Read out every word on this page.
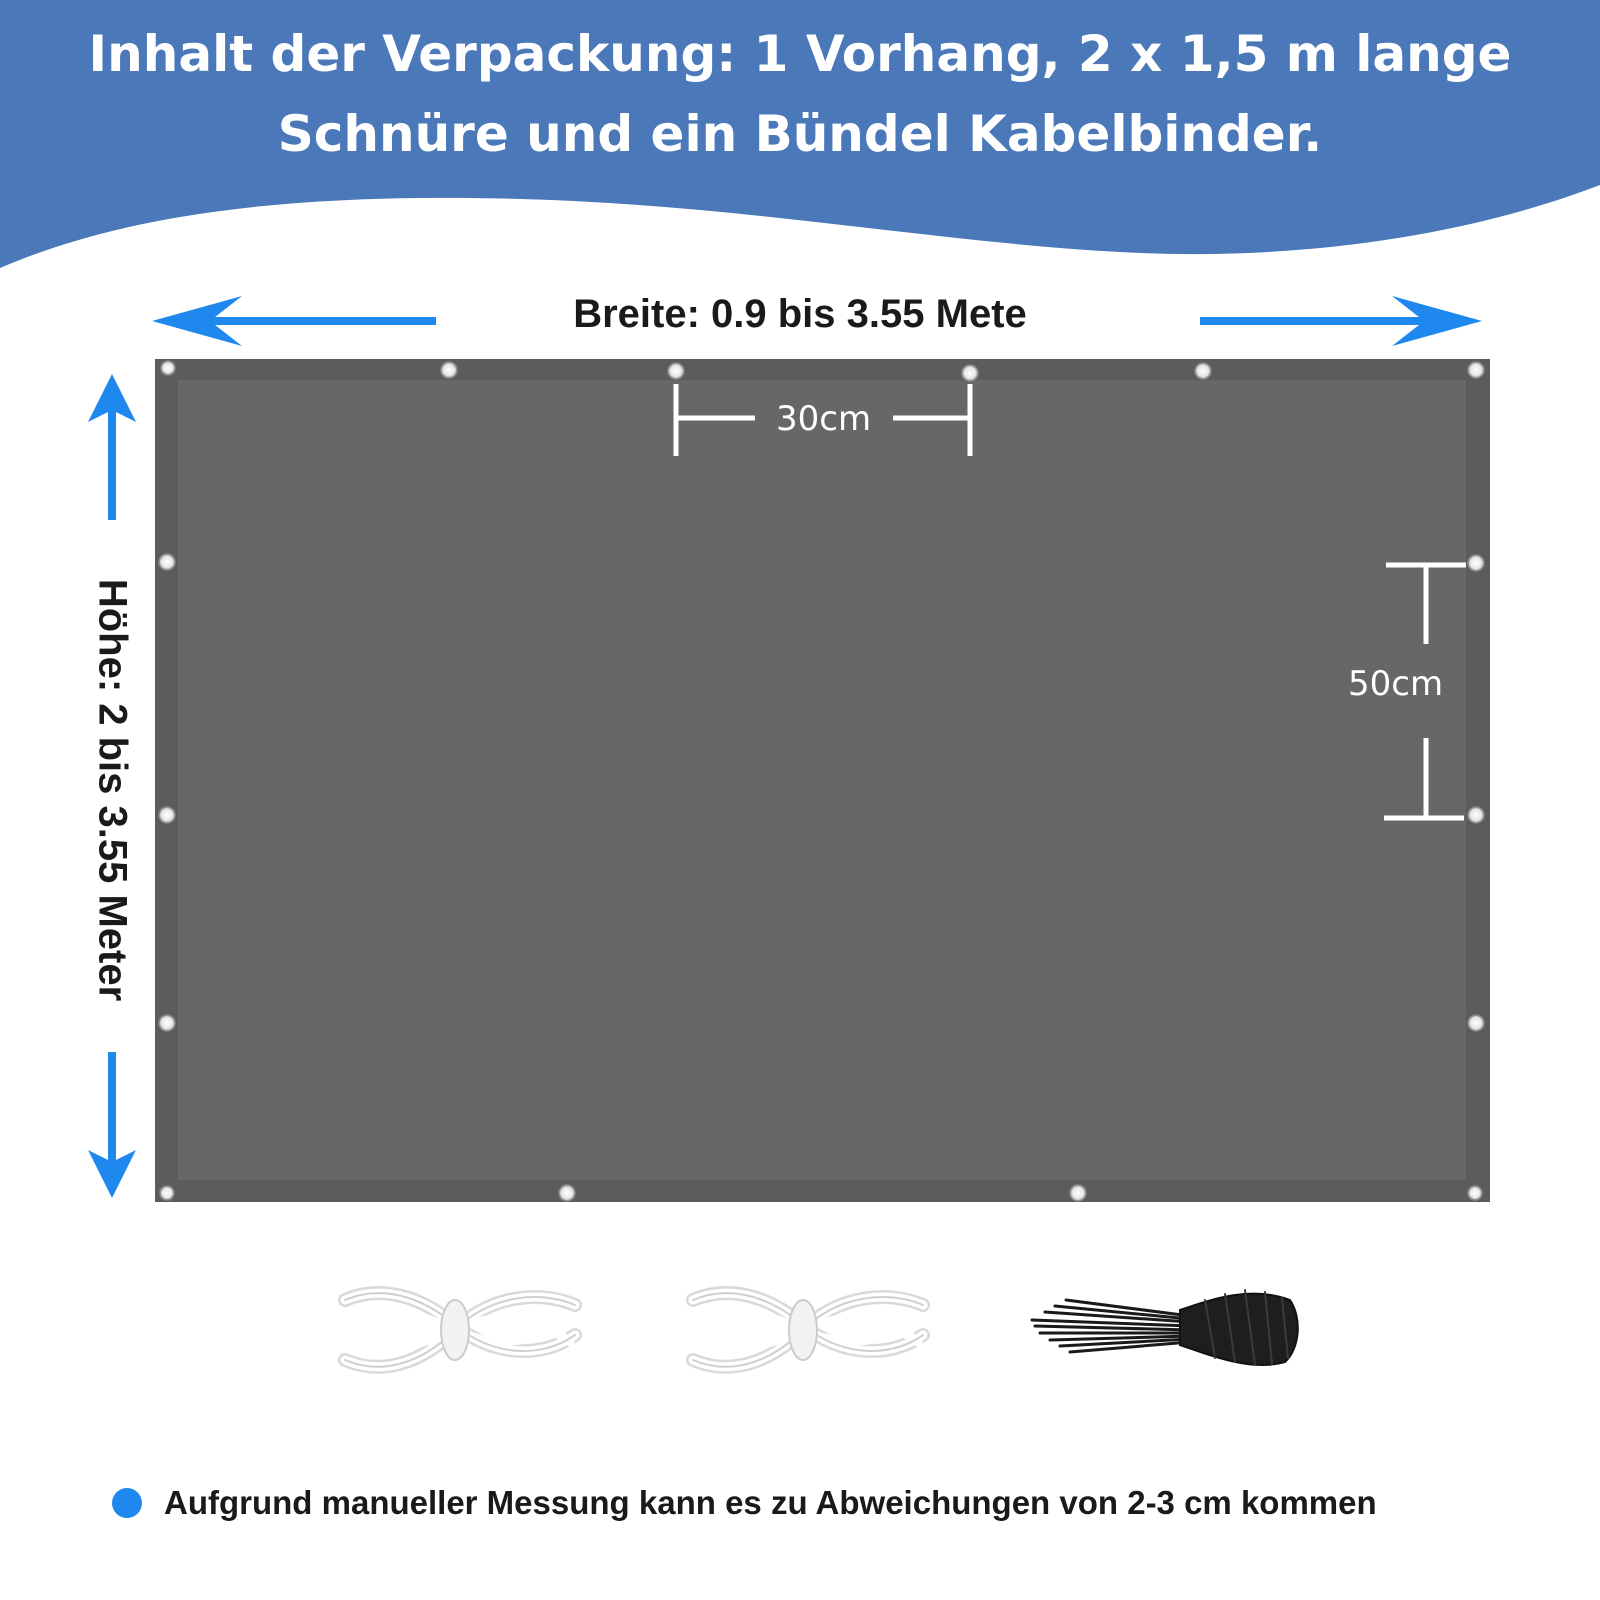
Inhalt der Verpackung: 1 Vorhang, 2 x 1,5 m lange
Schnüre und ein Bündel Kabelbinder.
Breite: 0.9 bis 3.55 Mete
Höhe: 2 bis 3.55 Meter
30cm
50cm
Aufgrund manueller Messung kann es zu Abweichungen von 2-3 cm kommen
